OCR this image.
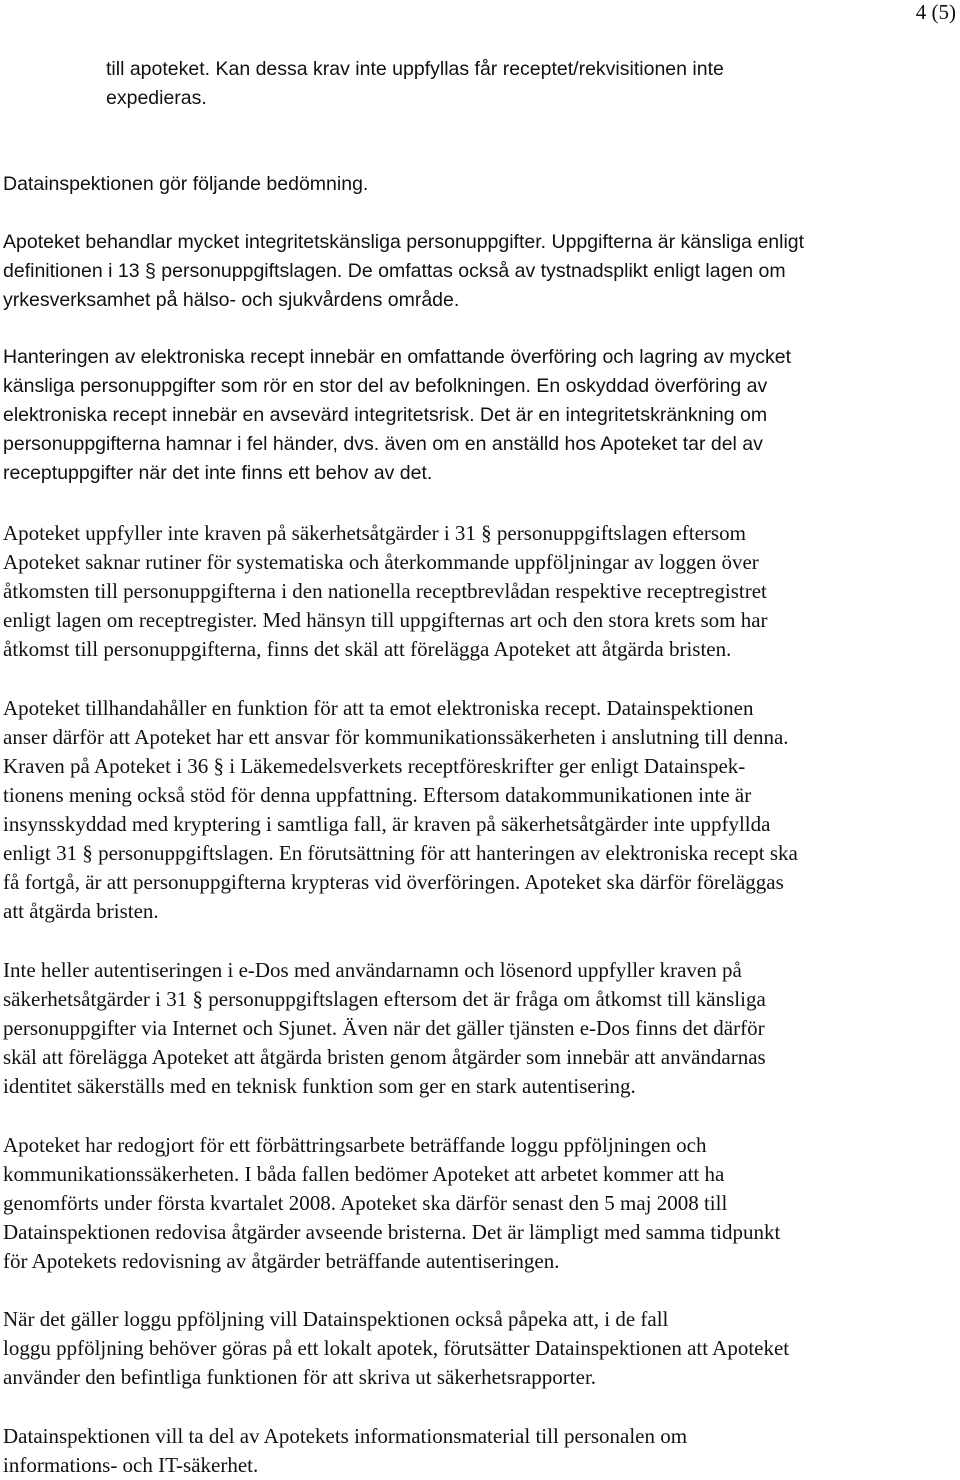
4 (5)

till apoteket. Kan dessa krav inte uppfyllas får receptet/rekvisitionen inte
expedieras.

Datainspektionen gör följande bedömning.

Apoteket behandlar mycket integritetskänsliga personuppgifter. Uppgifterna är känsliga enligt
definitionen i 13 § personuppgiftslagen. De omfattas också av tystnadsplikt enligt lagen om
yrkesverksamhet på hälso- och sjukvårdens område.

Hanteringen av elektroniska recept innebär en omfattande överföring och lagring av mycket
känsliga personuppgifter som rör en stor del av befolkningen. En oskyddad överföring av
elektroniska recept innebär en avsevärd integritetsrisk. Det är en integritetskränkning om
personuppgifterna hamnar i fel händer, dvs. även om en anställd hos Apoteket tar del av
receptuppgifter när det inte finns ett behov av det.

Apoteket uppfyller inte kraven på säkerhetsåtgärder i 31 § personuppgiftslagen eftersom
Apoteket saknar rutiner för systematiska och återkommande uppföljningar av loggen över
åtkomsten till personuppgifterna i den nationella receptbrevlådan respektive receptregistret
enligt lagen om receptregister. Med hänsyn till uppgifternas art och den stora krets som har
åtkomst till personuppgifterna, finns det skäl att förelägga Apoteket att åtgärda bristen.

Apoteket tillhandahåller en funktion för att ta emot elektroniska recept. Datainspektionen
anser därför att Apoteket har ett ansvar för kommunikationssäkerheten i anslutning till denna.
Kraven på Apoteket i 36 § i Läkemedelsverkets receptföreskrifter ger enligt Datainspek-
tionens mening också stöd för denna uppfattning. Eftersom datakommunikationen inte är
insynsskyddad med kryptering i samtliga fall, är kraven på säkerhetsåtgärder inte uppfyllda
enligt 31 § personuppgiftslagen. En förutsättning för att hanteringen av elektroniska recept ska
få fortgå, är att personuppgifterna krypteras vid överföringen. Apoteket ska därför föreläggas
att åtgärda bristen.

Inte heller autentiseringen i e-Dos med användarnamn och lösenord uppfyller kraven på
säkerhetsåtgärder i 31 § personuppgiftslagen eftersom det är fråga om åtkomst till känsliga
personuppgifter via Internet och Sjunet. Även när det gäller tjänsten e-Dos finns det därför
skäl att förelägga Apoteket att åtgärda bristen genom åtgärder som innebär att användarnas
identitet säkerställs med en teknisk funktion som ger en stark autentisering.

Apoteket har redogjort för ett förbättringsarbete beträffande loggu ppföljningen och
kommunikationssäkerheten. I båda fallen bedömer Apoteket att arbetet kommer att ha
genomförts under första kvartalet 2008. Apoteket ska därför senast den 5 maj 2008 till
Datainspektionen redovisa åtgärder avseende bristerna. Det är lämpligt med samma tidpunkt
för Apotekets redovisning av åtgärder beträffande autentiseringen.

När det gäller loggu ppföljning vill Datainspektionen också påpeka att, i de fall
loggu ppföljning behöver göras på ett lokalt apotek, förutsätter Datainspektionen att Apoteket
använder den befintliga funktionen för att skriva ut säkerhetsrapporter.

Datainspektionen vill ta del av Apotekets informationsmaterial till personalen om
informations- och IT-säkerhet.
